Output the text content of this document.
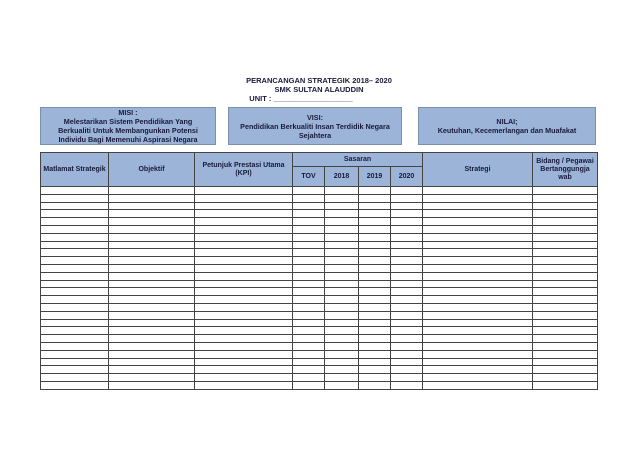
PERANCANGAN STRATEGIK 2018– 2020
SMK SULTAN ALAUDDIN
UNIT : ___________________
MISI :
Melestarikan Sistem Pendidikan Yang Berkualiti Untuk Membangunkan Potensi Individu Bagi Memenuhi Aspirasi Negara
VISI:
Pendidikan Berkualiti Insan Terdidik Negara Sejahtera
NILAI;
Keutuhan, Kecemerlangan dan Muafakat
Matlamat Strategik	Objektif	Petunjuk Prestasi Utama (KPI)	Sasaran				Strategi	Bidang / Pegawai Bertanggungja wab
			TOV	2018	2019	2020		
